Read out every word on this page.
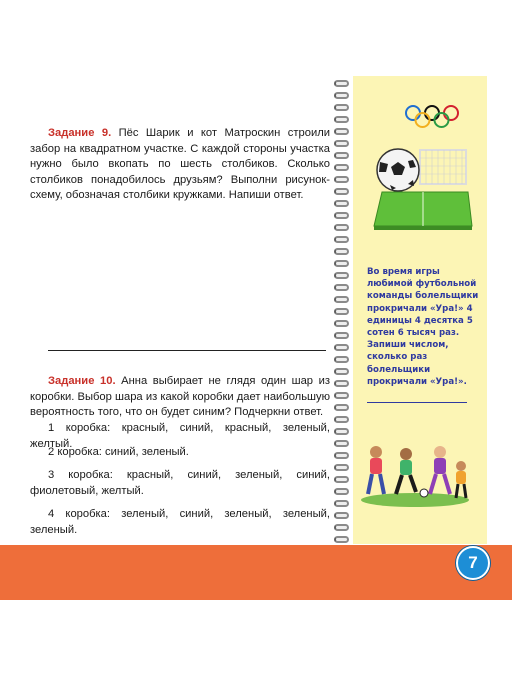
Задание 9. Пёс Шарик и кот Матроскин строили забор на квадратном участке. С каждой стороны участка нужно было вкопать по шесть столбиков. Сколько столбиков понадобилось друзьям? Выполни рисунок-схему, обозначая столбики кружками. Напиши ответ.

Задание 10. Анна выбирает не глядя один шар из коробки. Выбор шара из какой коробки дает наибольшую вероятность того, что он будет синим? Подчеркни ответ.

1 коробка: красный, синий, красный, зеленый, желтый.

2 коробка: синий, зеленый.

3 коробка: красный, синий, зеленый, синий, фиолетовый, желтый.

4 коробка: зеленый, синий, зеленый, зеленый, зеленый.

Во время игры любимой футбольной команды болельщики прокричали «Ура!» 4 единицы 4 десятка 5 сотен 6 тысяч раз. Запиши числом, сколько раз болельщики прокричали «Ура!».

7
